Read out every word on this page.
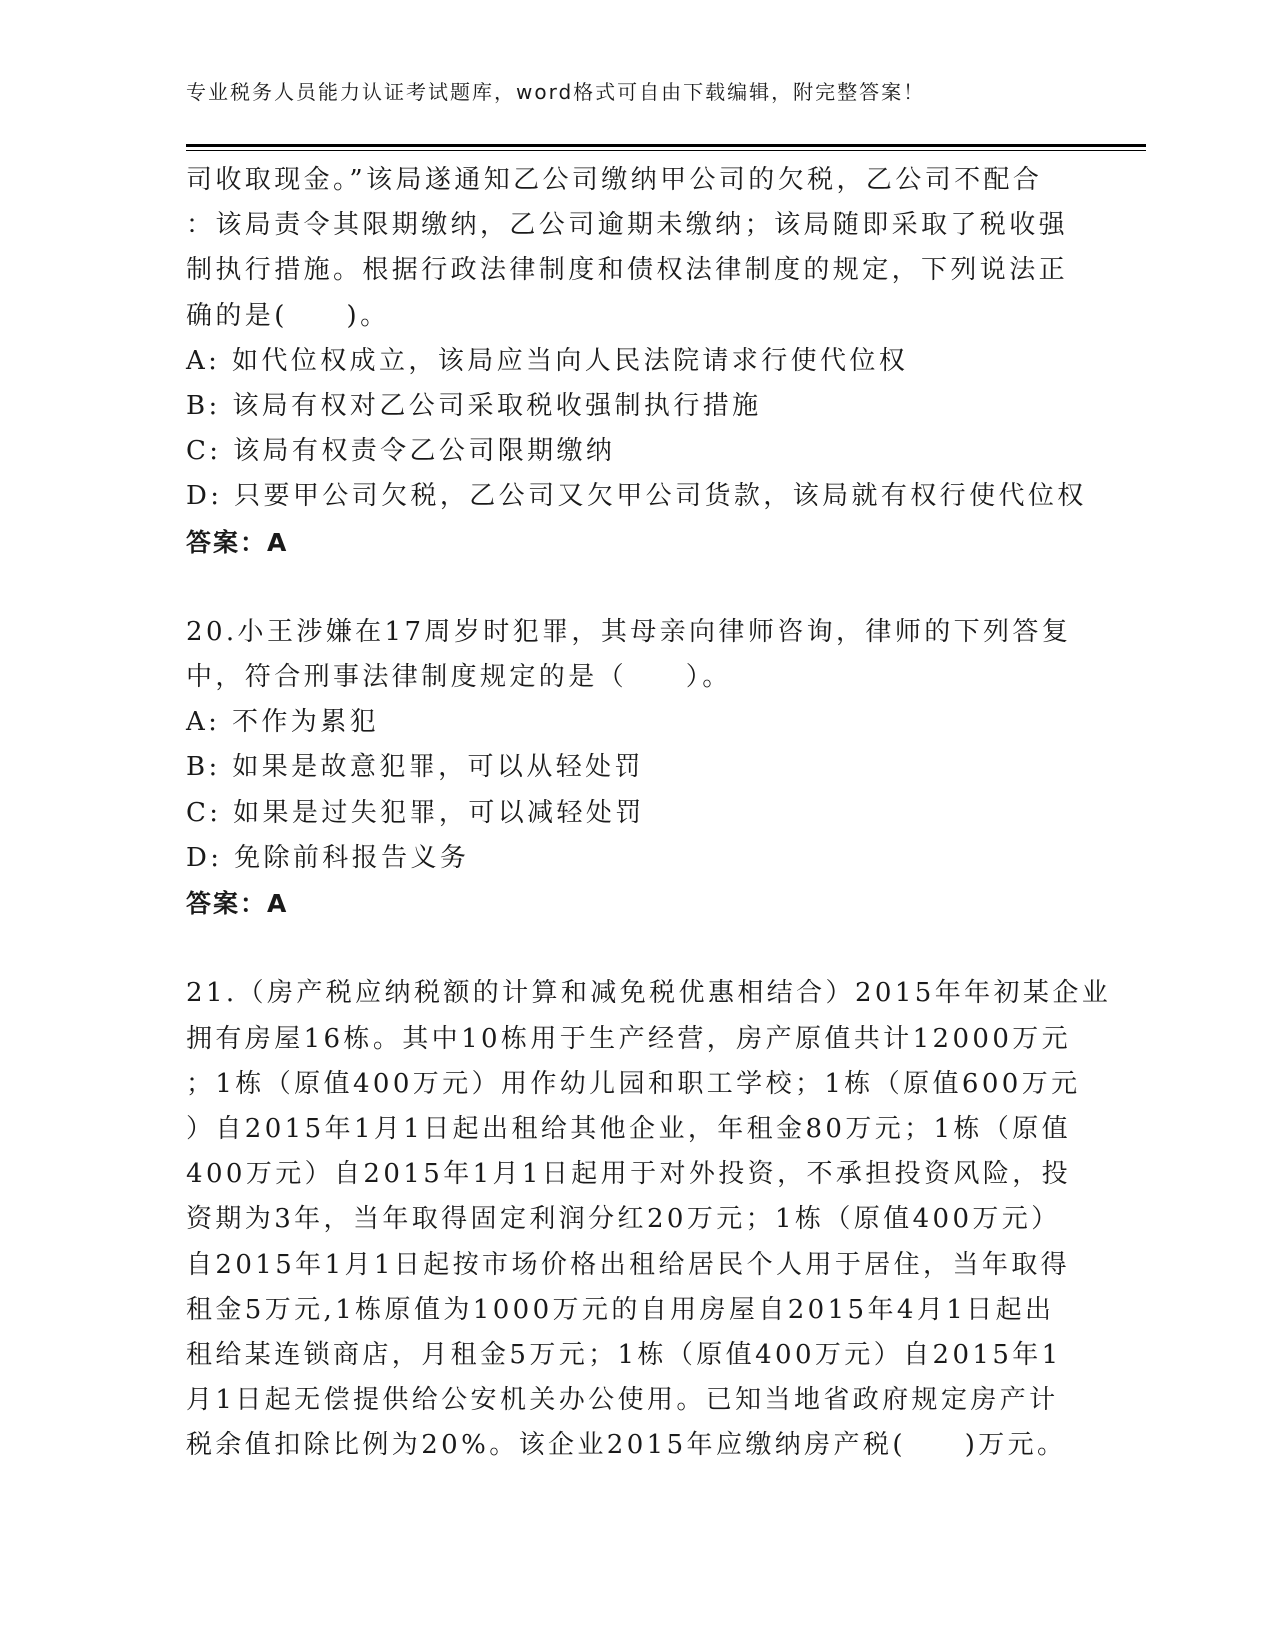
专业税务人员能力认证考试题库，word格式可自由下载编辑，附完整答案！
司收取现金。”该局遂通知乙公司缴纳甲公司的欠税，乙公司不配合
：该局责令其限期缴纳，乙公司逾期未缴纳；该局随即采取了税收强
制执行措施。根据行政法律制度和债权法律制度的规定，下列说法正
确的是(　　)。
A: 如代位权成立，该局应当向人民法院请求行使代位权
B: 该局有权对乙公司采取税收强制执行措施
C: 该局有权责令乙公司限期缴纳
D: 只要甲公司欠税，乙公司又欠甲公司货款，该局就有权行使代位权
答案：A
20.小王涉嫌在17周岁时犯罪，其母亲向律师咨询，律师的下列答复
中，符合刑事法律制度规定的是（　　）。
A: 不作为累犯
B: 如果是故意犯罪，可以从轻处罚
C: 如果是过失犯罪，可以减轻处罚
D: 免除前科报告义务
答案：A
21.（房产税应纳税额的计算和减免税优惠相结合）2015年年初某企业
拥有房屋16栋。其中10栋用于生产经营，房产原值共计12000万元
；1栋（原值400万元）用作幼儿园和职工学校；1栋（原值600万元
）自2015年1月1日起出租给其他企业，年租金80万元；1栋（原值
400万元）自2015年1月1日起用于对外投资，不承担投资风险，投
资期为3年，当年取得固定利润分红20万元；1栋（原值400万元）
自2015年1月1日起按市场价格出租给居民个人用于居住，当年取得
租金5万元,1栋原值为1000万元的自用房屋自2015年4月1日起出
租给某连锁商店，月租金5万元；1栋（原值400万元）自2015年1
月1日起无偿提供给公安机关办公使用。已知当地省政府规定房产计
税余值扣除比例为20%。该企业2015年应缴纳房产税(　　)万元。
